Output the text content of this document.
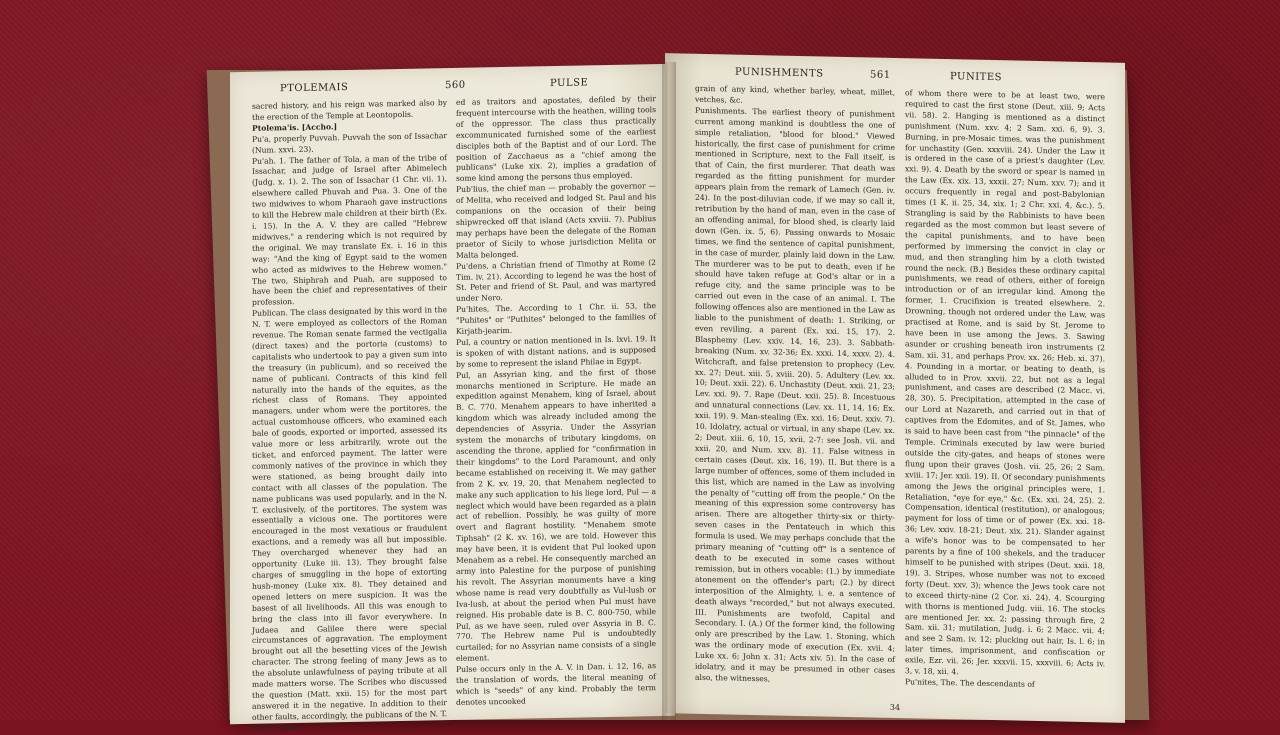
PTOLEMAIS	560	PULSE

sacred history, and his reign was marked also by the erection of the Temple at Leontopolis.

Ptolema'is. [Accho.]

Pu'a, properly Puvvah. Puvvah the son of Issachar (Num. xxvi. 23).

Pu'ah. 1. The father of Tola, a man of the tribe of Issachar, and judge of Israel after Abimelech (Judg. x. 1). 2. The son of Issachar (1 Chr. vii. 1), elsewhere called Phuvah and Pua. 3. One of the two midwives to whom Pharaoh gave instructions to kill the Hebrew male children at their birth (Ex. i. 15). In the A. V. they are called "Hebrew midwives," a rendering which is not required by the original. We may translate Ex. i. 16 in this way: "And the king of Egypt said to the women who acted as midwives to the Hebrew women." The two, Shiphrah and Puah, are supposed to have been the chief and representatives of their profession.

Publican. The class designated by this word in the N. T. were employed as collectors of the Roman revenue. The Roman senate farmed the vectigalia (direct taxes) and the portoria (customs) to capitalists who undertook to pay a given sum into the treasury (in publicum), and so received the name of publicani. Contracts of this kind fell naturally into the hands of the equites, as the richest class of Romans. They appointed managers, under whom were the portitores, the actual customhouse officers, who examined each bale of goods, exported or imported, assessed its value more or less arbitrarily, wrote out the ticket, and enforced payment. The latter were commonly natives of the province in which they were stationed, as being brought daily into contact with all classes of the population. The name publicans was used popularly, and in the N. T. exclusively, of the portitores. The system was essentially a vicious one. The portitores were encouraged in the most vexatious or fraudulent exactions, and a remedy was all but impossible. They overcharged whenever they had an opportunity (Luke iii. 13). They brought false charges of smuggling in the hope of extorting hush-money (Luke xix. 8). They detained and opened letters on mere suspicion. It was the basest of all livelihoods. All this was enough to bring the class into ill favor everywhere. In Judaea and Galilee there were special circumstances of aggravation. The employment brought out all the besetting vices of the Jewish character. The strong feeling of many Jews as to the absolute unlawfulness of paying tribute at all made matters worse. The Scribes who discussed the question (Matt. xxii. 15) for the most part answered it in the negative. In addition to their other faults, accordingly, the publicans of the N. T. were regard-

ed as traitors and apostates, defiled by their frequent intercourse with the heathen, willing tools of the oppressor. The class thus practically excommunicated furnished some of the earliest disciples both of the Baptist and of our Lord. The position of Zacchaeus as a "chief among the publicans" (Luke xix. 2), implies a gradation of some kind among the persons thus employed.

Pub'lius, the chief man — probably the governor — of Melita, who received and lodged St. Paul and his companions on the occasion of their being shipwrecked off that island (Acts xxviii. 7). Publius may perhaps have been the delegate of the Roman praetor of Sicily to whose jurisdiction Melita or Malta belonged.

Pu'dens, a Christian friend of Timothy at Rome (2 Tim. iv. 21). According to legend he was the host of St. Peter and friend of St. Paul, and was martyred under Nero.

Pu'hites, The. According to 1 Chr. ii. 53, the "Puhites" or "Puthites" belonged to the families of Kirjath-jearim.

Pul, a country or nation mentioned in Is. lxvi. 19. It is spoken of with distant nations, and is supposed by some to represent the island Philae in Egypt.

Pul, an Assyrian king, and the first of those monarchs mentioned in Scripture. He made an expedition against Menahem, king of Israel, about B. C. 770. Menahem appears to have inherited a kingdom which was already included among the dependencies of Assyria. Under the Assyrian system the monarchs of tributary kingdoms, on ascending the throne, applied for "confirmation in their kingdoms" to the Lord Paramount, and only became established on receiving it. We may gather from 2 K. xv. 19, 20, that Menahem neglected to make any such application to his liege lord, Pul — a neglect which would have been regarded as a plain act of rebellion. Possibly, he was guilty of more overt and flagrant hostility. "Menahem smote Tiphsah" (2 K. xv. 16), we are told. However this may have been, it is evident that Pul looked upon Menahem as a rebel. He consequently marched an army into Palestine for the purpose of punishing his revolt. The Assyrian monuments have a king whose name is read very doubtfully as Vul-lush or Iva-lush, at about the period when Pul must have reigned. His probable date is B. C. 800-750, while Pul, as we have seen, ruled over Assyria in B. C. 770. The Hebrew name Pul is undoubtedly curtailed; for no Assyrian name consists of a single element.

Pulse occurs only in the A. V. in Dan. i. 12, 16, as the translation of words, the literal meaning of which is "seeds" of any kind. Probably the term denotes uncooked

PUNISHMENTS	561	PUNITES

grain of any kind, whether barley, wheat, millet, vetches, &c.

Punishments. The earliest theory of punishment current among mankind is doubtless the one of simple retaliation, "blood for blood." Viewed historically, the first case of punishment for crime mentioned in Scripture, next to the Fall itself, is that of Cain, the first murderer. That death was regarded as the fitting punishment for murder appears plain from the remark of Lamech (Gen. iv. 24). In the post-diluvian code, if we may so call it, retribution by the hand of man, even in the case of an offending animal, for blood shed, is clearly laid down (Gen. ix. 5, 6). Passing onwards to Mosaic times, we find the sentence of capital punishment, in the case of murder, plainly laid down in the Law. The murderer was to be put to death, even if he should have taken refuge at God's altar or in a refuge city, and the same principle was to be carried out even in the case of an animal. I. The following offences also are mentioned in the Law as liable to the punishment of death: 1. Striking, or even reviling, a parent (Ex. xxi. 15, 17). 2. Blasphemy (Lev. xxiv. 14, 16, 23). 3. Sabbath-breaking (Num. xv. 32-36; Ex. xxxi. 14, xxxv. 2). 4. Witchcraft, and false pretension to prophecy (Lev. xx. 27; Deut. xiii. 5, xviii. 20). 5. Adultery (Lev. xx. 10; Deut. xxii. 22). 6. Unchastity (Deut. xxii. 21, 23; Lev. xxi. 9). 7. Rape (Deut. xxii. 25). 8. Incestuous and unnatural connections (Lev. xx. 11, 14, 16; Ex. xxii. 19). 9. Man-stealing (Ex. xxi. 16; Deut. xxiv. 7). 10. Idolatry, actual or virtual, in any shape (Lev. xx. 2; Deut. xiii. 6, 10, 15, xvii. 2-7: see Josh. vii. and xxii. 20, and Num. xxv. 8). 11. False witness in certain cases (Deut. xix. 16, 19). II. But there is a large number of offences, some of them included in this list, which are named in the Law as involving the penalty of "cutting off from the people." On the meaning of this expression some controversy has arisen. There are altogether thirty-six or thirty-seven cases in the Pentateuch in which this formula is used. We may perhaps conclude that the primary meaning of "cutting off" is a sentence of death to be executed in some cases without remission, but in others vocable: (1.) by immediate atonement on the offender's part; (2.) by direct interposition of the Almighty, i. e. a sentence of death always "recorded," but not always executed. III. Punishments are twofold, Capital and Secondary. I. (A.) Of the former kind, the following only are prescribed by the Law. 1. Stoning, which was the ordinary mode of execution (Ex. xvii. 4; Luke xx. 6; John x. 31; Acts xiv. 5). In the case of idolatry, and it may be presumed in other cases also, the witnesses,

of whom there were to be at least two, were required to cast the first stone (Deut. xiii. 9; Acts vii. 58). 2. Hanging is mentioned as a distinct punishment (Num. xxv. 4; 2 Sam. xxi. 6, 9). 3. Burning, in pre-Mosaic times, was the punishment for unchastity (Gen. xxxviii. 24). Under the Law it is ordered in the case of a priest's daughter (Lev. xxi. 9). 4. Death by the sword or spear is named in the Law (Ex. xix. 13, xxxii. 27; Num. xxv. 7); and it occurs frequently in regal and post-Babylonian times (1 K. ii. 25, 34, xix. 1; 2 Chr. xxi. 4, &c.). 5. Strangling is said by the Rabbinists to have been regarded as the most common but least severe of the capital punishments, and to have been performed by immersing the convict in clay or mud, and then strangling him by a cloth twisted round the neck. (B.) Besides these ordinary capital punishments, we read of others, either of foreign introduction or of an irregular kind. Among the former, 1. Crucifixion is treated elsewhere. 2. Drowning, though not ordered under the Law, was practised at Rome, and is said by St. Jerome to have been in use among the Jews. 3. Sawing asunder or crushing beneath iron instruments (2 Sam. xii. 31, and perhaps Prov. xx. 26; Heb. xi. 37). 4. Pounding in a mortar, or beating to death, is alluded to in Prov. xxvii. 22, but not as a legal punishment, and cases are described (2 Macc. vi. 28, 30). 5. Precipitation, attempted in the case of our Lord at Nazareth, and carried out in that of captives from the Edomites, and of St. James, who is said to have been cast from "the pinnacle" of the Temple. Criminals executed by law were buried outside the city-gates, and heaps of stones were flung upon their graves (Josh. vii. 25, 26; 2 Sam. xviii. 17; Jer. xxii. 19). II. Of secondary punishments among the Jews the original principles were, 1. Retaliation, "eye for eye," &c. (Ex. xxi. 24, 25). 2. Compensation, identical (restitution), or analogous; payment for loss of time or of power (Ex. xxi. 18-36; Lev. xxiv. 18-21; Deut. xix. 21). Slander against a wife's honor was to be compensated to her parents by a fine of 100 shekels, and the traducer himself to be punished with stripes (Deut. xxii. 18, 19). 3. Stripes, whose number was not to exceed forty (Deut. xxv. 3); whence the Jews took care not to exceed thirty-nine (2 Cor. xi. 24). 4. Scourging with thorns is mentioned Judg. viii. 16. The stocks are mentioned Jer. xx. 2; passing through fire, 2 Sam. xii. 31; mutilation, Judg. i. 6; 2 Macc. vii. 4; and see 2 Sam. iv. 12; plucking out hair, Is. l. 6; in later times, imprisonment, and confiscation or exile, Ezr. vii. 26; Jer. xxxvii. 15, xxxviii. 6; Acts iv. 3, v. 18, xii. 4.

Pu'nites, The. The descendants of

34
